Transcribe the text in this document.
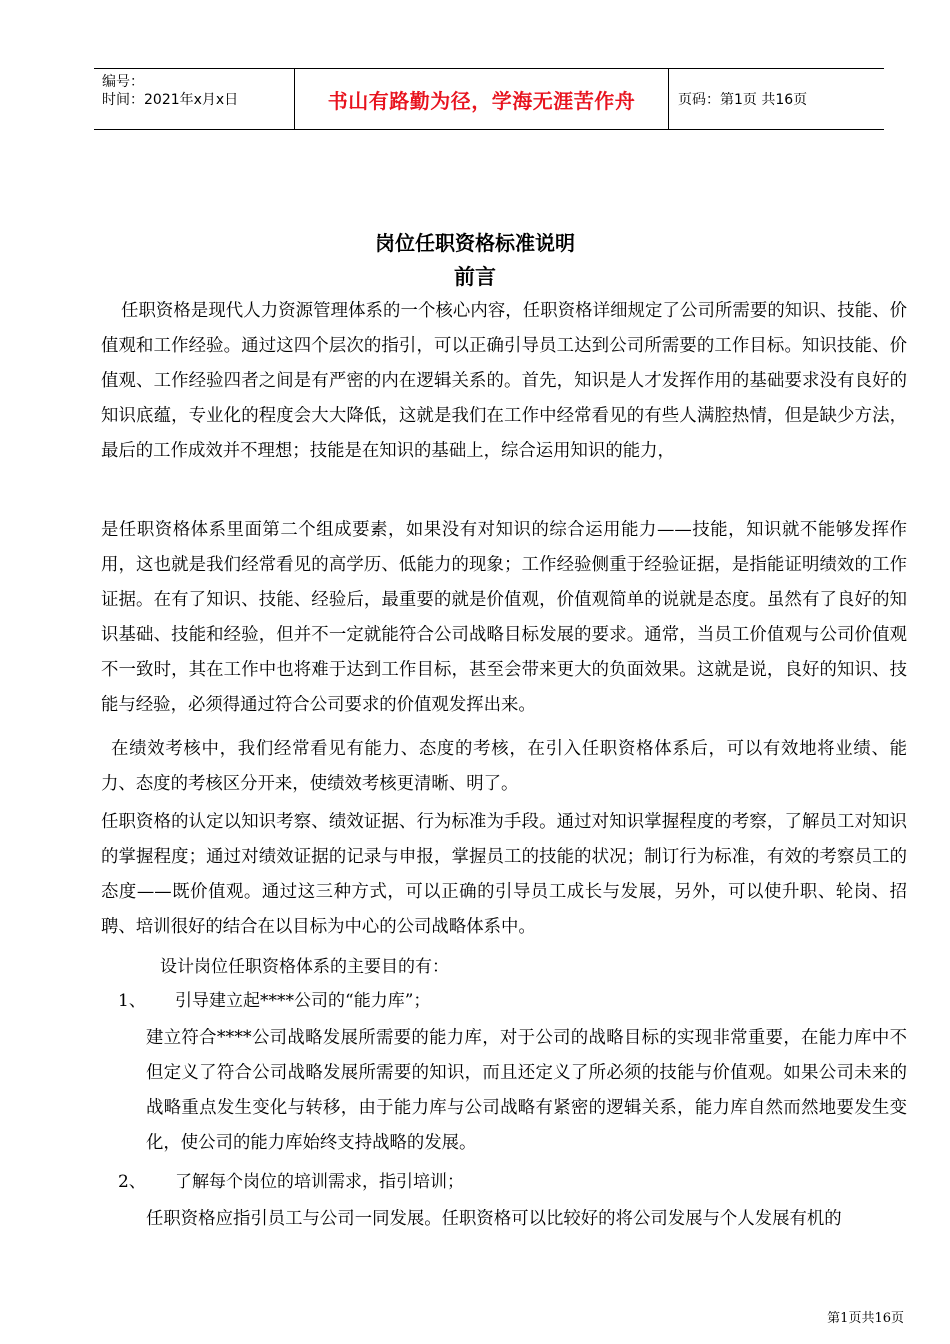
编号：
时间：2021年x月x日	书山有路勤为径，学海无涯苦作舟	页码：第1页 共16页
岗位任职资格标准说明
前言
任职资格是现代人力资源管理体系的一个核心内容，任职资格详细规定了公司所需要的知识、技能、价值观和工作经验。通过这四个层次的指引，可以正确引导员工达到公司所需要的工作目标。知识技能、价值观、工作经验四者之间是有严密的内在逻辑关系的。首先，知识是人才发挥作用的基础要求没有良好的知识底蕴，专业化的程度会大大降低，这就是我们在工作中经常看见的有些人满腔热情，但是缺少方法，最后的工作成效并不理想；技能是在知识的基础上，综合运用知识的能力，
是任职资格体系里面第二个组成要素，如果没有对知识的综合运用能力——技能，知识就不能够发挥作用，这也就是我们经常看见的高学历、低能力的现象；工作经验侧重于经验证据，是指能证明绩效的工作证据。在有了知识、技能、经验后，最重要的就是价值观，价值观简单的说就是态度。虽然有了良好的知识基础、技能和经验，但并不一定就能符合公司战略目标发展的要求。通常，当员工价值观与公司价值观不一致时，其在工作中也将难于达到工作目标，甚至会带来更大的负面效果。这就是说，良好的知识、技能与经验，必须得通过符合公司要求的价值观发挥出来。
在绩效考核中，我们经常看见有能力、态度的考核，在引入任职资格体系后，可以有效地将业绩、能力、态度的考核区分开来，使绩效考核更清晰、明了。
任职资格的认定以知识考察、绩效证据、行为标准为手段。通过对知识掌握程度的考察，了解员工对知识的掌握程度；通过对绩效证据的记录与申报，掌握员工的技能的状况；制订行为标准，有效的考察员工的态度——既价值观。通过这三种方式，可以正确的引导员工成长与发展，另外，可以使升职、轮岗、招聘、培训很好的结合在以目标为中心的公司战略体系中。
设计岗位任职资格体系的主要目的有：
1、 引导建立起****公司的“能力库”；
建立符合****公司战略发展所需要的能力库，对于公司的战略目标的实现非常重要，在能力库中不但定义了符合公司战略发展所需要的知识，而且还定义了所必须的技能与价值观。如果公司未来的战略重点发生变化与转移，由于能力库与公司战略有紧密的逻辑关系，能力库自然而然地要发生变化，使公司的能力库始终支持战略的发展。
2、 了解每个岗位的培训需求，指引培训；
任职资格应指引员工与公司一同发展。任职资格可以比较好的将公司发展与个人发展有机的
第1页共16页
